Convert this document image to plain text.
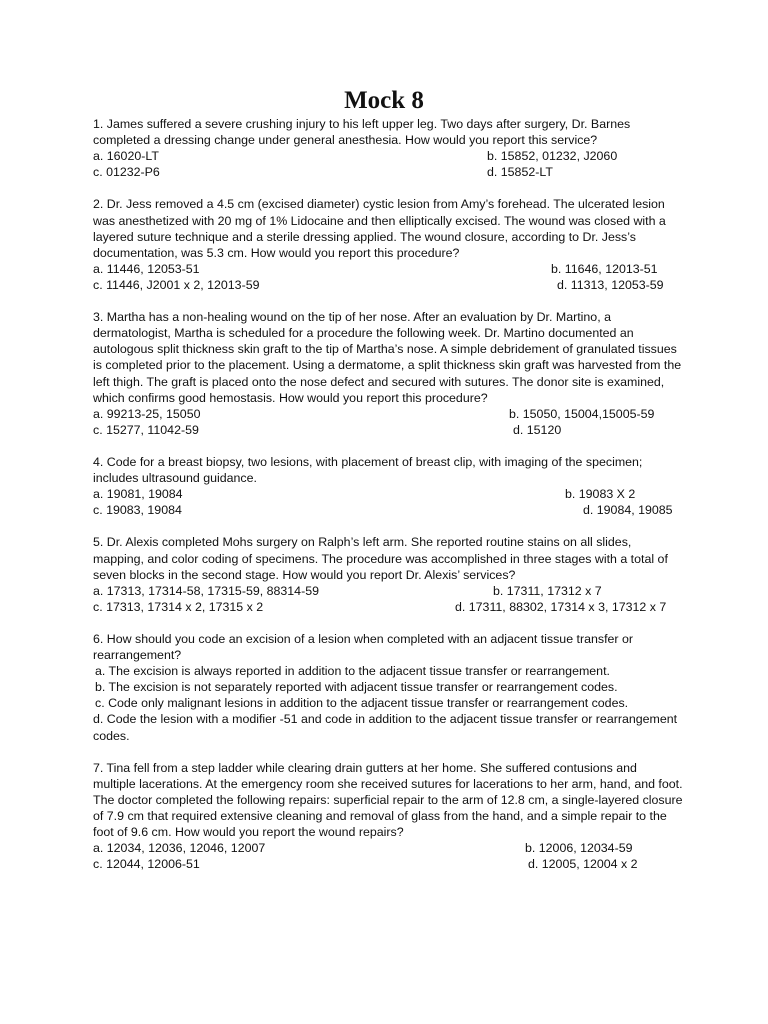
Mock 8
1. James suffered a severe crushing injury to his left upper leg. Two days after surgery, Dr. Barnes completed a dressing change under general anesthesia. How would you report this service?
a. 16020-LT	b. 15852, 01232, J2060
c. 01232-P6	d. 15852-LT
2. Dr. Jess removed a 4.5 cm (excised diameter) cystic lesion from Amy’s forehead. The ulcerated lesion was anesthetized with 20 mg of 1% Lidocaine and then elliptically excised. The wound was closed with a layered suture technique and a sterile dressing applied. The wound closure, according to Dr. Jess’s documentation, was 5.3 cm. How would you report this procedure?
a. 11446, 12053-51	b. 11646, 12013-51
c. 11446, J2001 x 2, 12013-59	d. 11313, 12053-59
3. Martha has a non-healing wound on the tip of her nose. After an evaluation by Dr. Martino, a dermatologist, Martha is scheduled for a procedure the following week. Dr. Martino documented an autologous split thickness skin graft to the tip of Martha’s nose. A simple debridement of granulated tissues is completed prior to the placement. Using a dermatome, a split thickness skin graft was harvested from the left thigh. The graft is placed onto the nose defect and secured with sutures. The donor site is examined, which confirms good hemostasis. How would you report this procedure?
a. 99213-25, 15050	b. 15050, 15004,15005-59
c. 15277, 11042-59	d. 15120
4. Code for a breast biopsy, two lesions, with placement of breast clip, with imaging of the specimen; includes ultrasound guidance.
a. 19081, 19084	b. 19083 X 2
c. 19083, 19084	d. 19084, 19085
5. Dr. Alexis completed Mohs surgery on Ralph’s left arm. She reported routine stains on all slides, mapping, and color coding of specimens. The procedure was accomplished in three stages with a total of seven blocks in the second stage. How would you report Dr. Alexis’ services?
a. 17313, 17314-58, 17315-59, 88314-59	b. 17311, 17312 x 7
c. 17313, 17314 x 2, 17315 x 2	d. 17311, 88302, 17314 x 3, 17312 x 7
6. How should you code an excision of a lesion when completed with an adjacent tissue transfer or rearrangement?
a. The excision is always reported in addition to the adjacent tissue transfer or rearrangement.
b. The excision is not separately reported with adjacent tissue transfer or rearrangement codes.
c. Code only malignant lesions in addition to the adjacent tissue transfer or rearrangement codes.
d. Code the lesion with a modifier -51 and code in addition to the adjacent tissue transfer or rearrangement codes.
7. Tina fell from a step ladder while clearing drain gutters at her home. She suffered contusions and multiple lacerations. At the emergency room she received sutures for lacerations to her arm, hand, and foot. The doctor completed the following repairs: superficial repair to the arm of 12.8 cm, a single-layered closure of 7.9 cm that required extensive cleaning and removal of glass from the hand, and a simple repair to the foot of 9.6 cm. How would you report the wound repairs?
a. 12034, 12036, 12046, 12007	b. 12006, 12034-59
c. 12044, 12006-51	d. 12005, 12004 x 2
